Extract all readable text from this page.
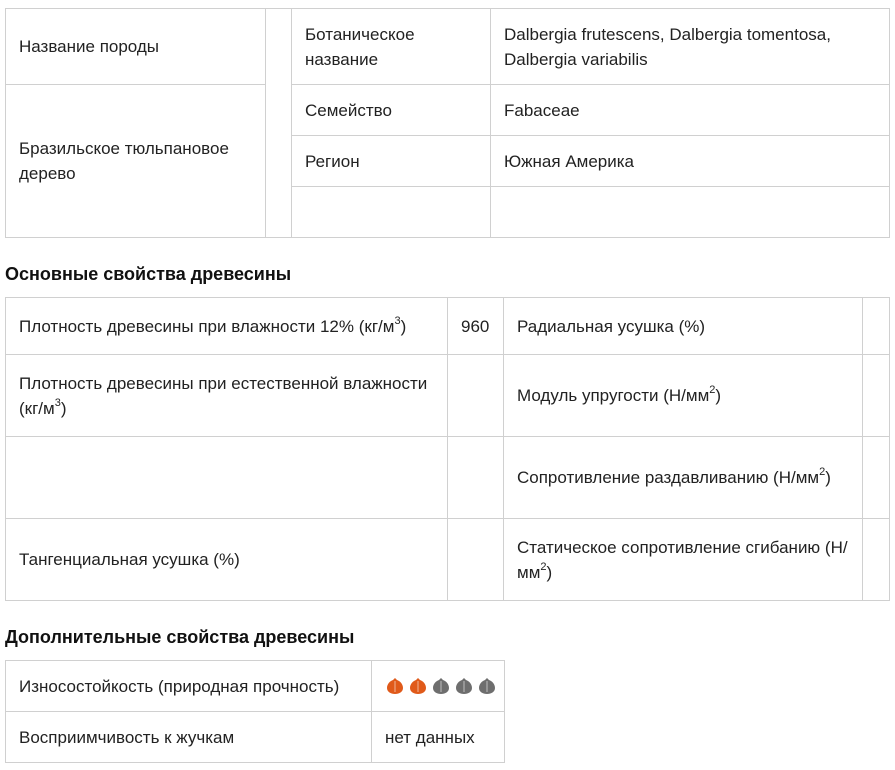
Название породы		Ботаническое название	Dalbergia frutescens, Dalbergia tomentosa, Dalbergia variabilis
Бразильское тюльпановое дерево		Семейство	Fabaceae
		Регион	Южная Америка

Основные свойства древесины
Плотность древесины при влажности 12% $(кг/м^3)$	960	Радиальная усушка (%)	
Плотность древесины при естественной влажности $(кг/м^3)$		Модуль упругости $(Н/мм^2)$	
		Сопротивление раздавливанию $(Н/мм^2)$	
Тангенциальная усушка (%)		Статическое сопротивление сгибанию $(Н/мм^2)$	
Дополнительные свойства древесины
Износостойкость (природная прочность)	

Восприимчивость к жучкам	нет данных
